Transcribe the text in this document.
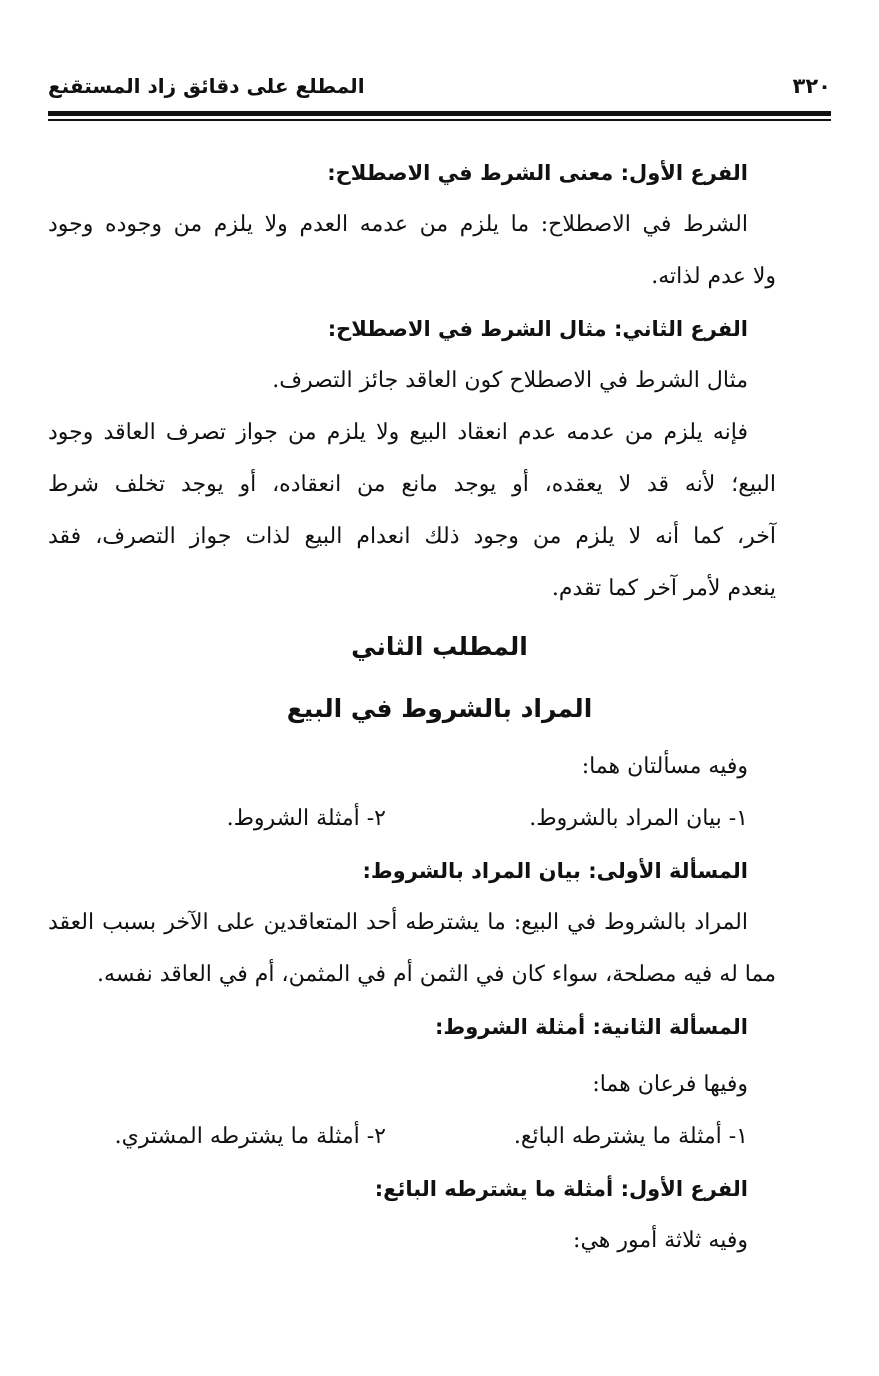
المطلع على دقائق زاد المستقنع	٣٢٠
الفرع الأول: معنى الشرط في الاصطلاح:
الشرط في الاصطلاح: ما يلزم من عدمه العدم ولا يلزم من وجوده وجود
ولا عدم لذاته.
الفرع الثاني: مثال الشرط في الاصطلاح:
مثال الشرط في الاصطلاح كون العاقد جائز التصرف.
فإنه يلزم من عدمه عدم انعقاد البيع ولا يلزم من جواز تصرف العاقد وجود
البيع؛ لأنه قد لا يعقده، أو يوجد مانع من انعقاده، أو يوجد تخلف شرط
آخر، كما أنه لا يلزم من وجود ذلك انعدام البيع لذات جواز التصرف، فقد
ينعدم لأمر آخر كما تقدم.
وفيه مسألتان هما:
١- بيان المراد بالشروط.
٢- أمثلة الشروط.
المسألة الأولى: بيان المراد بالشروط:
المراد بالشروط في البيع: ما يشترطه أحد المتعاقدين على الآخر بسبب العقد
مما له فيه مصلحة، سواء كان في الثمن أم في المثمن، أم في العاقد نفسه.
المسألة الثانية: أمثلة الشروط:
وفيها فرعان هما:
١- أمثلة ما يشترطه البائع.
٢- أمثلة ما يشترطه المشتري.
الفرع الأول: أمثلة ما يشترطه البائع:
وفيه ثلاثة أمور هي:
المطلب الثاني
المراد بالشروط في البيع
